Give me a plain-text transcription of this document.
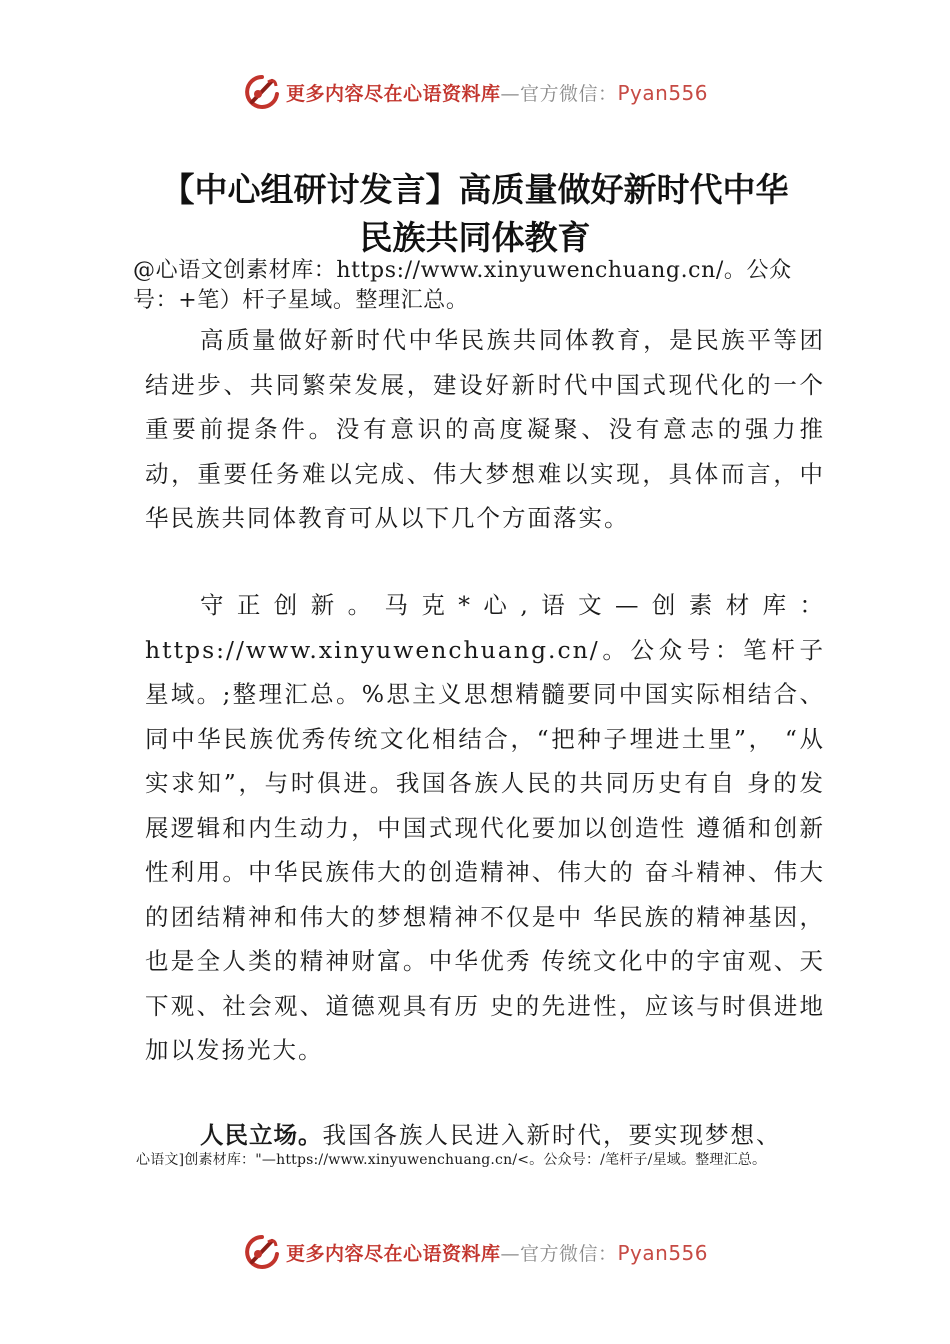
更多内容尽在心语资料库—官方微信：Pyan556
【中心组研讨发言】高质量做好新时代中华
民族共同体教育
@心语文创素材库：https://www.xinyuwenchuang.cn/。公众号：+笔）杆子星域。整理汇总。
高质量做好新时代中华民族共同体教育，是民族平等团结进步、共同繁荣发展，建设好新时代中国式现代化的一个重要前提条件。没有意识的高度凝聚、没有意志的强力推动，重要任务难以完成、伟大梦想难以实现，具体而言，中华民族共同体教育可从以下几个方面落实。
守正创新。马克*心,语文—创素材库：https://www.xinyuwenchuang.cn/。公众号：笔杆子星域。;整理汇总。%思主义思想精髓要同中国实际相结合、同中华民族优秀传统文化相结合，“把种子埋进土里”， “从实求知”，与时俱进。我国各族人民的共同历史有自 身的发展逻辑和内生动力，中国式现代化要加以创造性 遵循和创新性利用。中华民族伟大的创造精神、伟大的 奋斗精神、伟大的团结精神和伟大的梦想精神不仅是中 华民族的精神基因，也是全人类的精神财富。中华优秀 传统文化中的宇宙观、天下观、社会观、道德观具有历 史的先进性，应该与时俱进地加以发扬光大。
人民立场。我国各族人民进入新时代，要实现梦想、
心语文]创素材库："—https://www.xinyuwenchuang.cn/<。公众号：/笔杆子/星域。整理汇总。
更多内容尽在心语资料库—官方微信：Pyan556
